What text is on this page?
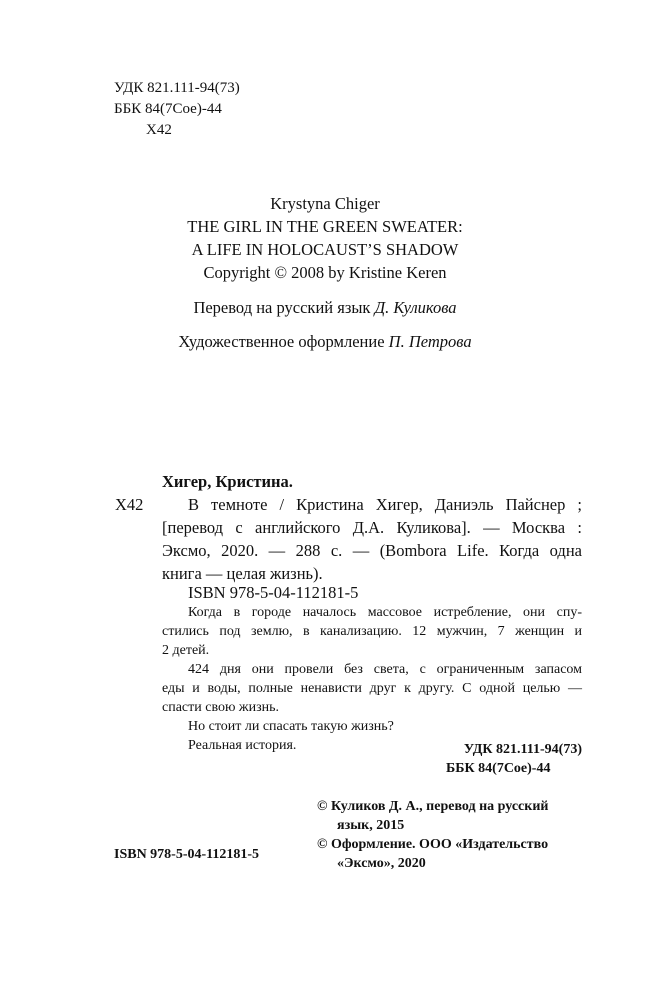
УДК 821.111-94(73)
ББК 84(7Сое)-44
Х42
Krystyna Chiger
THE GIRL IN THE GREEN SWEATER:
A LIFE IN HOLOCAUST’S SHADOW
Copyright © 2008 by Kristine Keren
Перевод на русский язык Д. Куликова
Художественное оформление П. Петрова
Хигер, Кристина.
Х42	В темноте / Кристина Хигер, Даниэль Пайснер ;
[перевод с английского Д.А. Куликова]. — Москва :
Эксмо, 2020. — 288 с. — (Bombora Life. Когда одна
книга — целая жизнь).
ISBN 978-5-04-112181-5
Когда в городе началось массовое истребление, они спу-
стились под землю, в канализацию. 12 мужчин, 7 женщин и
2 детей.
424 дня они провели без света, с ограниченным запасом
еды и воды, полные ненависти друг к другу. С одной целью —
спасти свою жизнь.
Но стоит ли спасать такую жизнь?
Реальная история.	УДК 821.111-94(73)
ББК 84(7Сое)-44
© Куликов Д. А., перевод на русский
язык, 2015
© Оформление. ООО «Издательство
«Эксмо», 2020
ISBN 978-5-04-112181-5
